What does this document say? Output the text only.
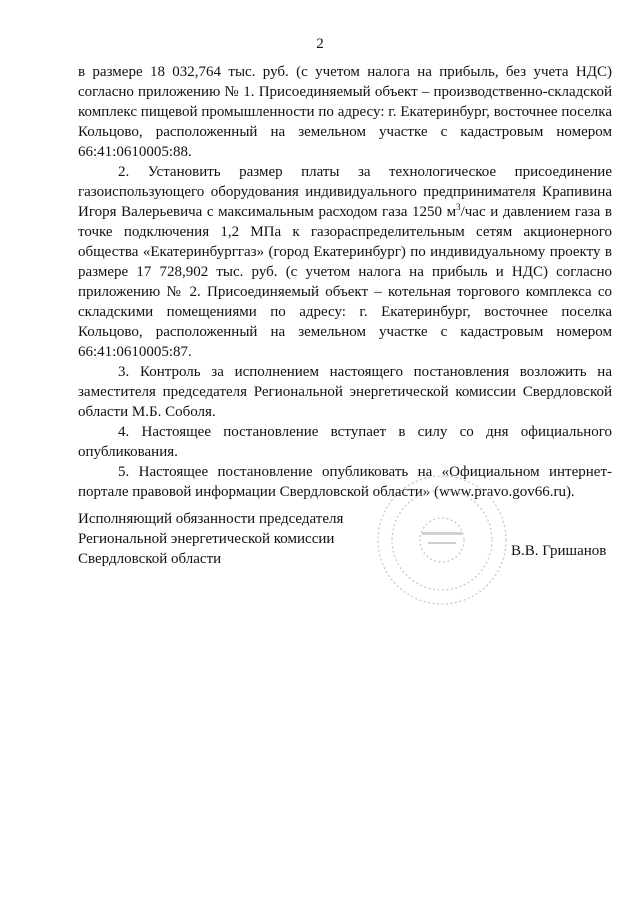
2

в размере 18 032,764 тыс. руб. (с учетом налога на прибыль, без учета НДС) согласно приложению № 1. Присоединяемый объект – производственно-складской комплекс пищевой промышленности по адресу: г. Екатеринбург, восточнее поселка Кольцово, расположенный на земельном участке с кадастровым номером 66:41:0610005:88.

2. Установить размер платы за технологическое присоединение газоиспользующего оборудования индивидуального предпринимателя Крапивина Игоря Валерьевича с максимальным расходом газа 1250 $м^3$/час и давлением газа в точке подключения 1,2 МПа к газораспределительным сетям акционерного общества «Екатеринбурггаз» (город Екатеринбург) по индивидуальному проекту в размере 17 728,902 тыс. руб. (с учетом налога на прибыль и НДС) согласно приложению № 2. Присоединяемый объект – котельная торгового комплекса со складскими помещениями по адресу: г. Екатеринбург, восточнее поселка Кольцово, расположенный на земельном участке с кадастровым номером 66:41:0610005:87.

3. Контроль за исполнением настоящего постановления возложить на заместителя председателя Региональной энергетической комиссии Свердловской области М.Б. Соболя.

4. Настоящее постановление вступает в силу со дня официального опубликования.

5. Настоящее постановление опубликовать на «Официальном интернет-портале правовой информации Свердловской области» (www.pravo.gov66.ru).

Исполняющий обязанности председателя
Региональной энергетической комиссии
Свердловской области	В.В. Гришанов
